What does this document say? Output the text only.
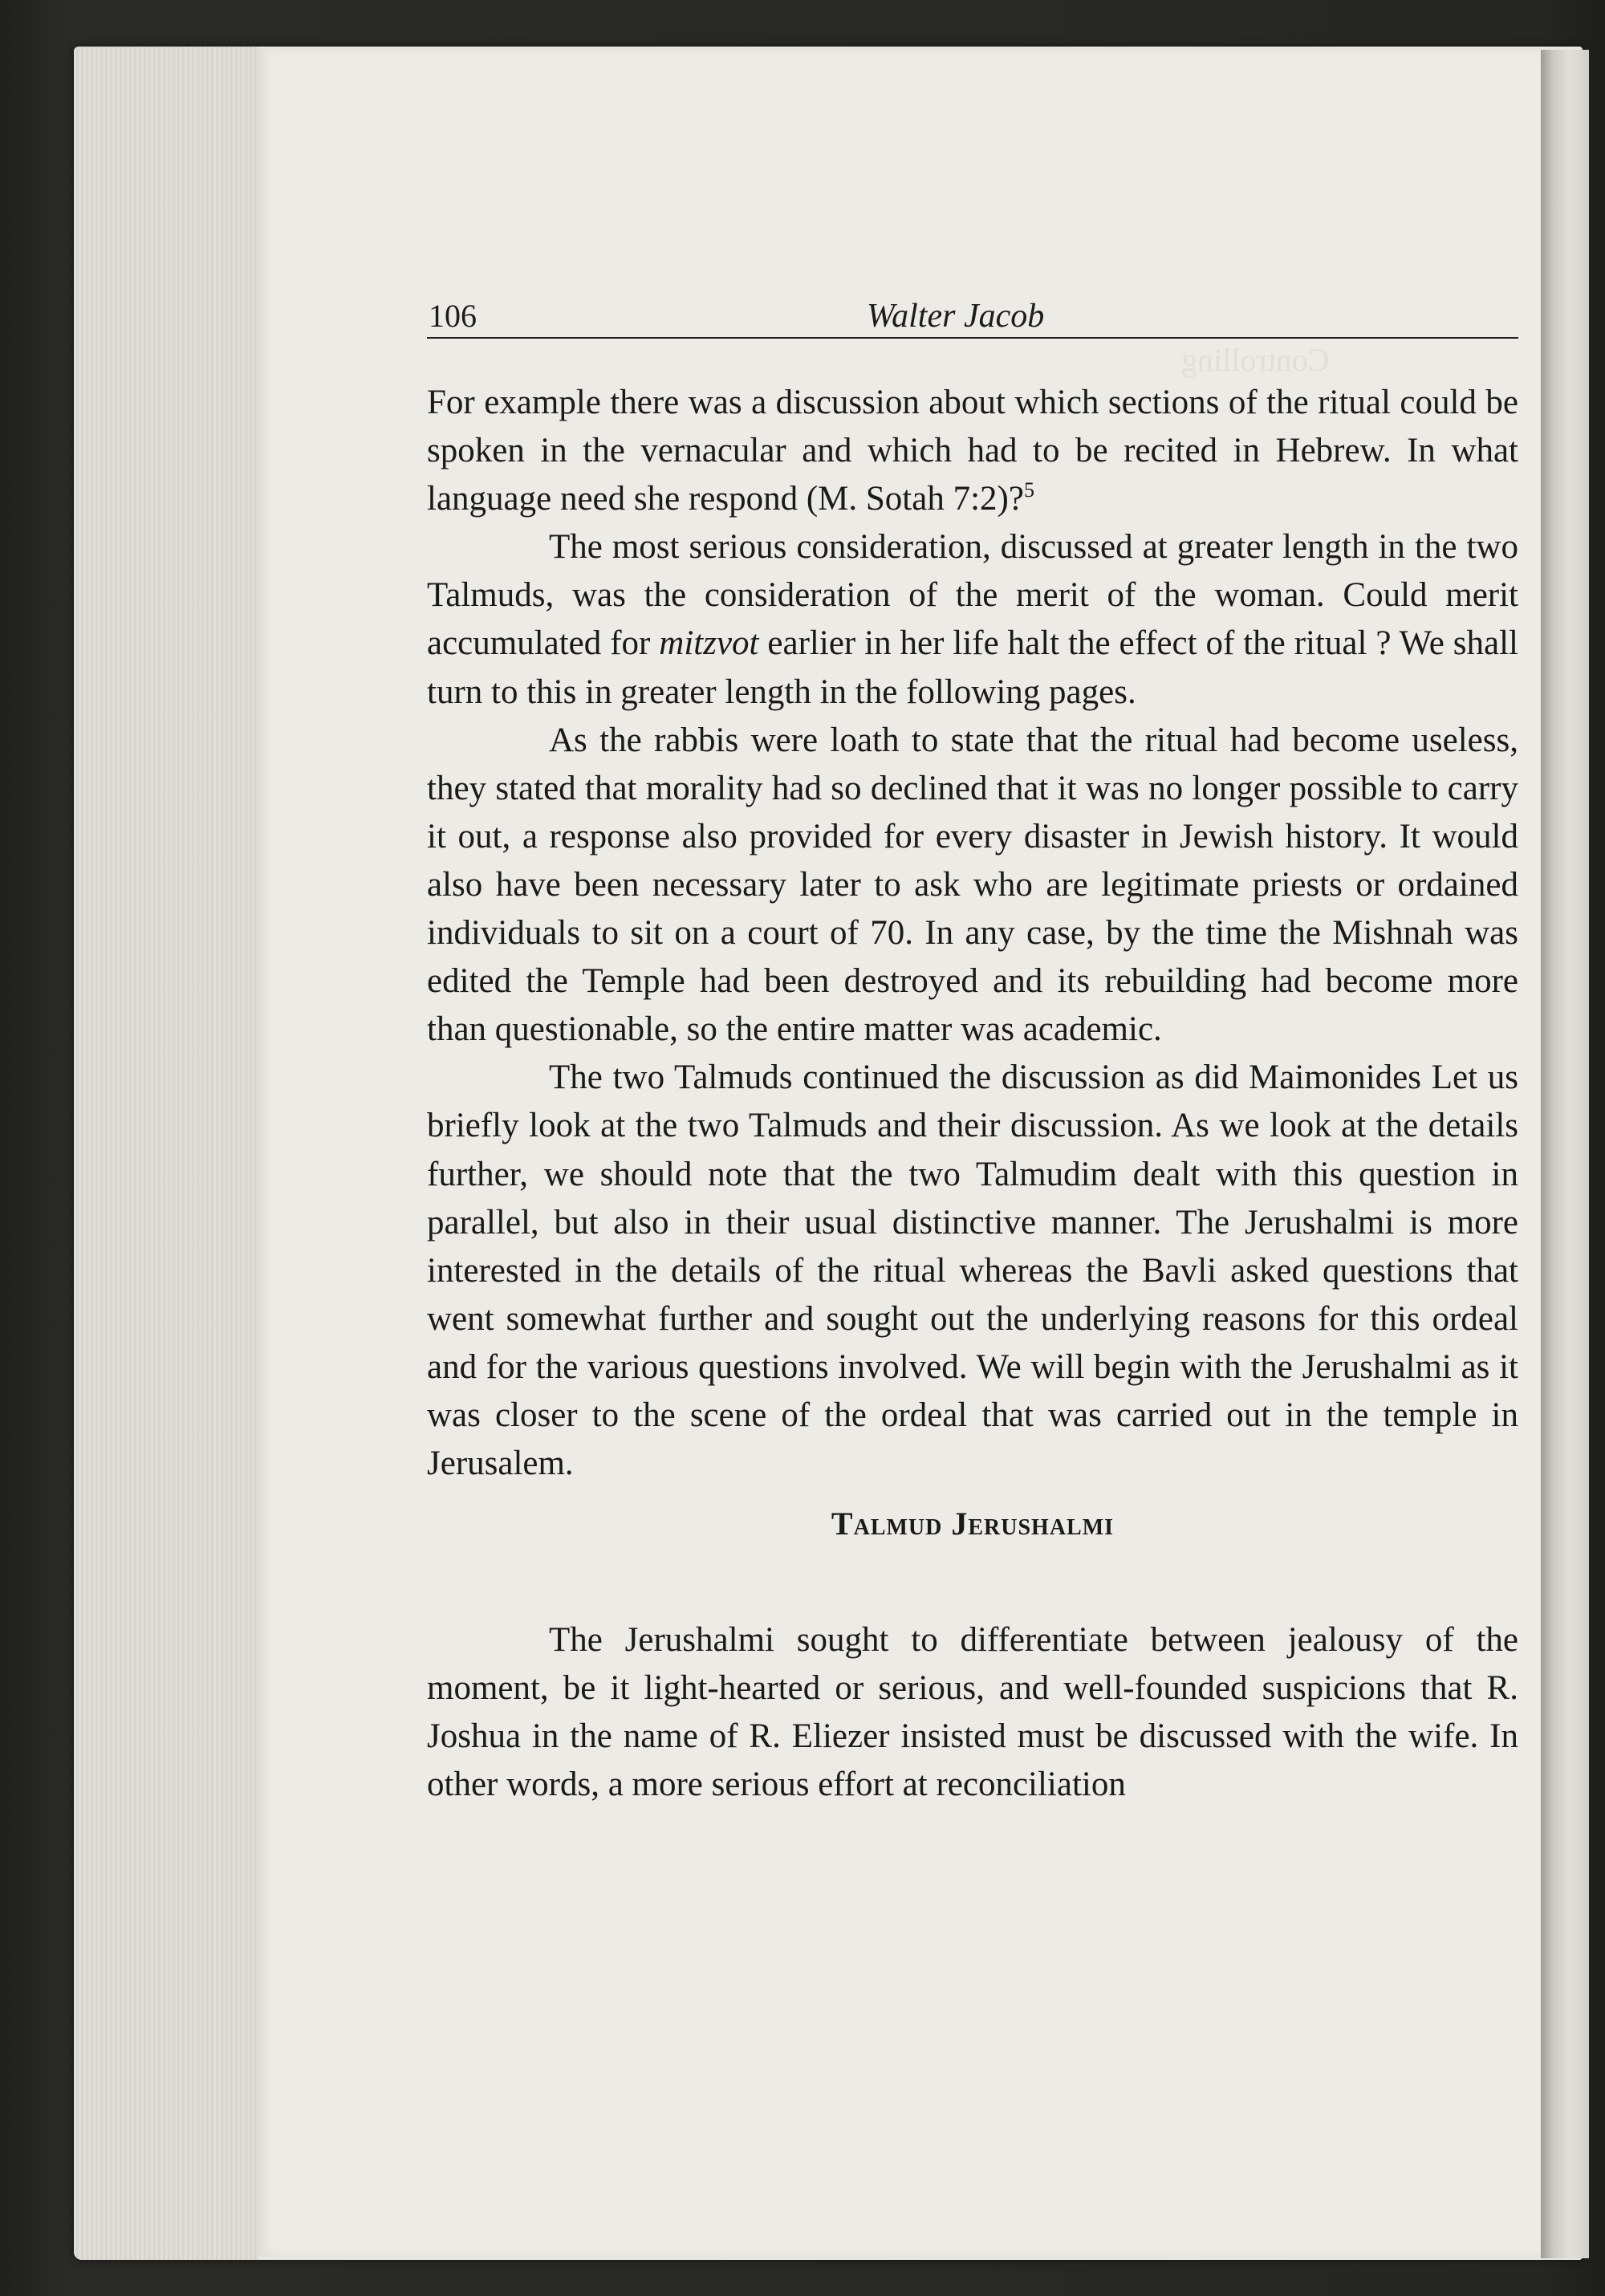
Controlling
106	Walter Jacob

For example there was a discussion about which sections of the ritual could be spoken in the vernacular and which had to be recited in Hebrew. In what language need she respond (M. Sotah 7:2)?$^5$

The most serious consideration, discussed at greater length in the two Talmuds, was the consideration of the merit of the woman. Could merit accumulated for mitzvot earlier in her life halt the effect of the ritual ? We shall turn to this in greater length in the following pages.

As the rabbis were loath to state that the ritual had become useless, they stated that morality had so declined that it was no longer possible to carry it out, a response also provided for every disaster in Jewish history. It would also have been necessary later to ask who are legitimate priests or ordained individuals to sit on a court of 70. In any case, by the time the Mishnah was edited the Temple had been destroyed and its rebuilding had become more than questionable, so the entire matter was academic.

The two Talmuds continued the discussion as did Maimonides Let us briefly look at the two Talmuds and their discussion. As we look at the details further, we should note that the two Talmudim dealt with this question in parallel, but also in their usual distinctive manner. The Jerushalmi is more interested in the details of the ritual whereas the Bavli asked questions that went somewhat further and sought out the underlying reasons for this ordeal and for the various questions involved. We will begin with the Jerushalmi as it was closer to the scene of the ordeal that was carried out in the temple in Jerusalem.

Talmud Jerushalmi

The Jerushalmi sought to differentiate between jealousy of the moment, be it light-hearted or serious, and well-founded suspicions that R. Joshua in the name of R. Eliezer insisted must be discussed with the wife. In other words, a more serious effort at reconciliation
